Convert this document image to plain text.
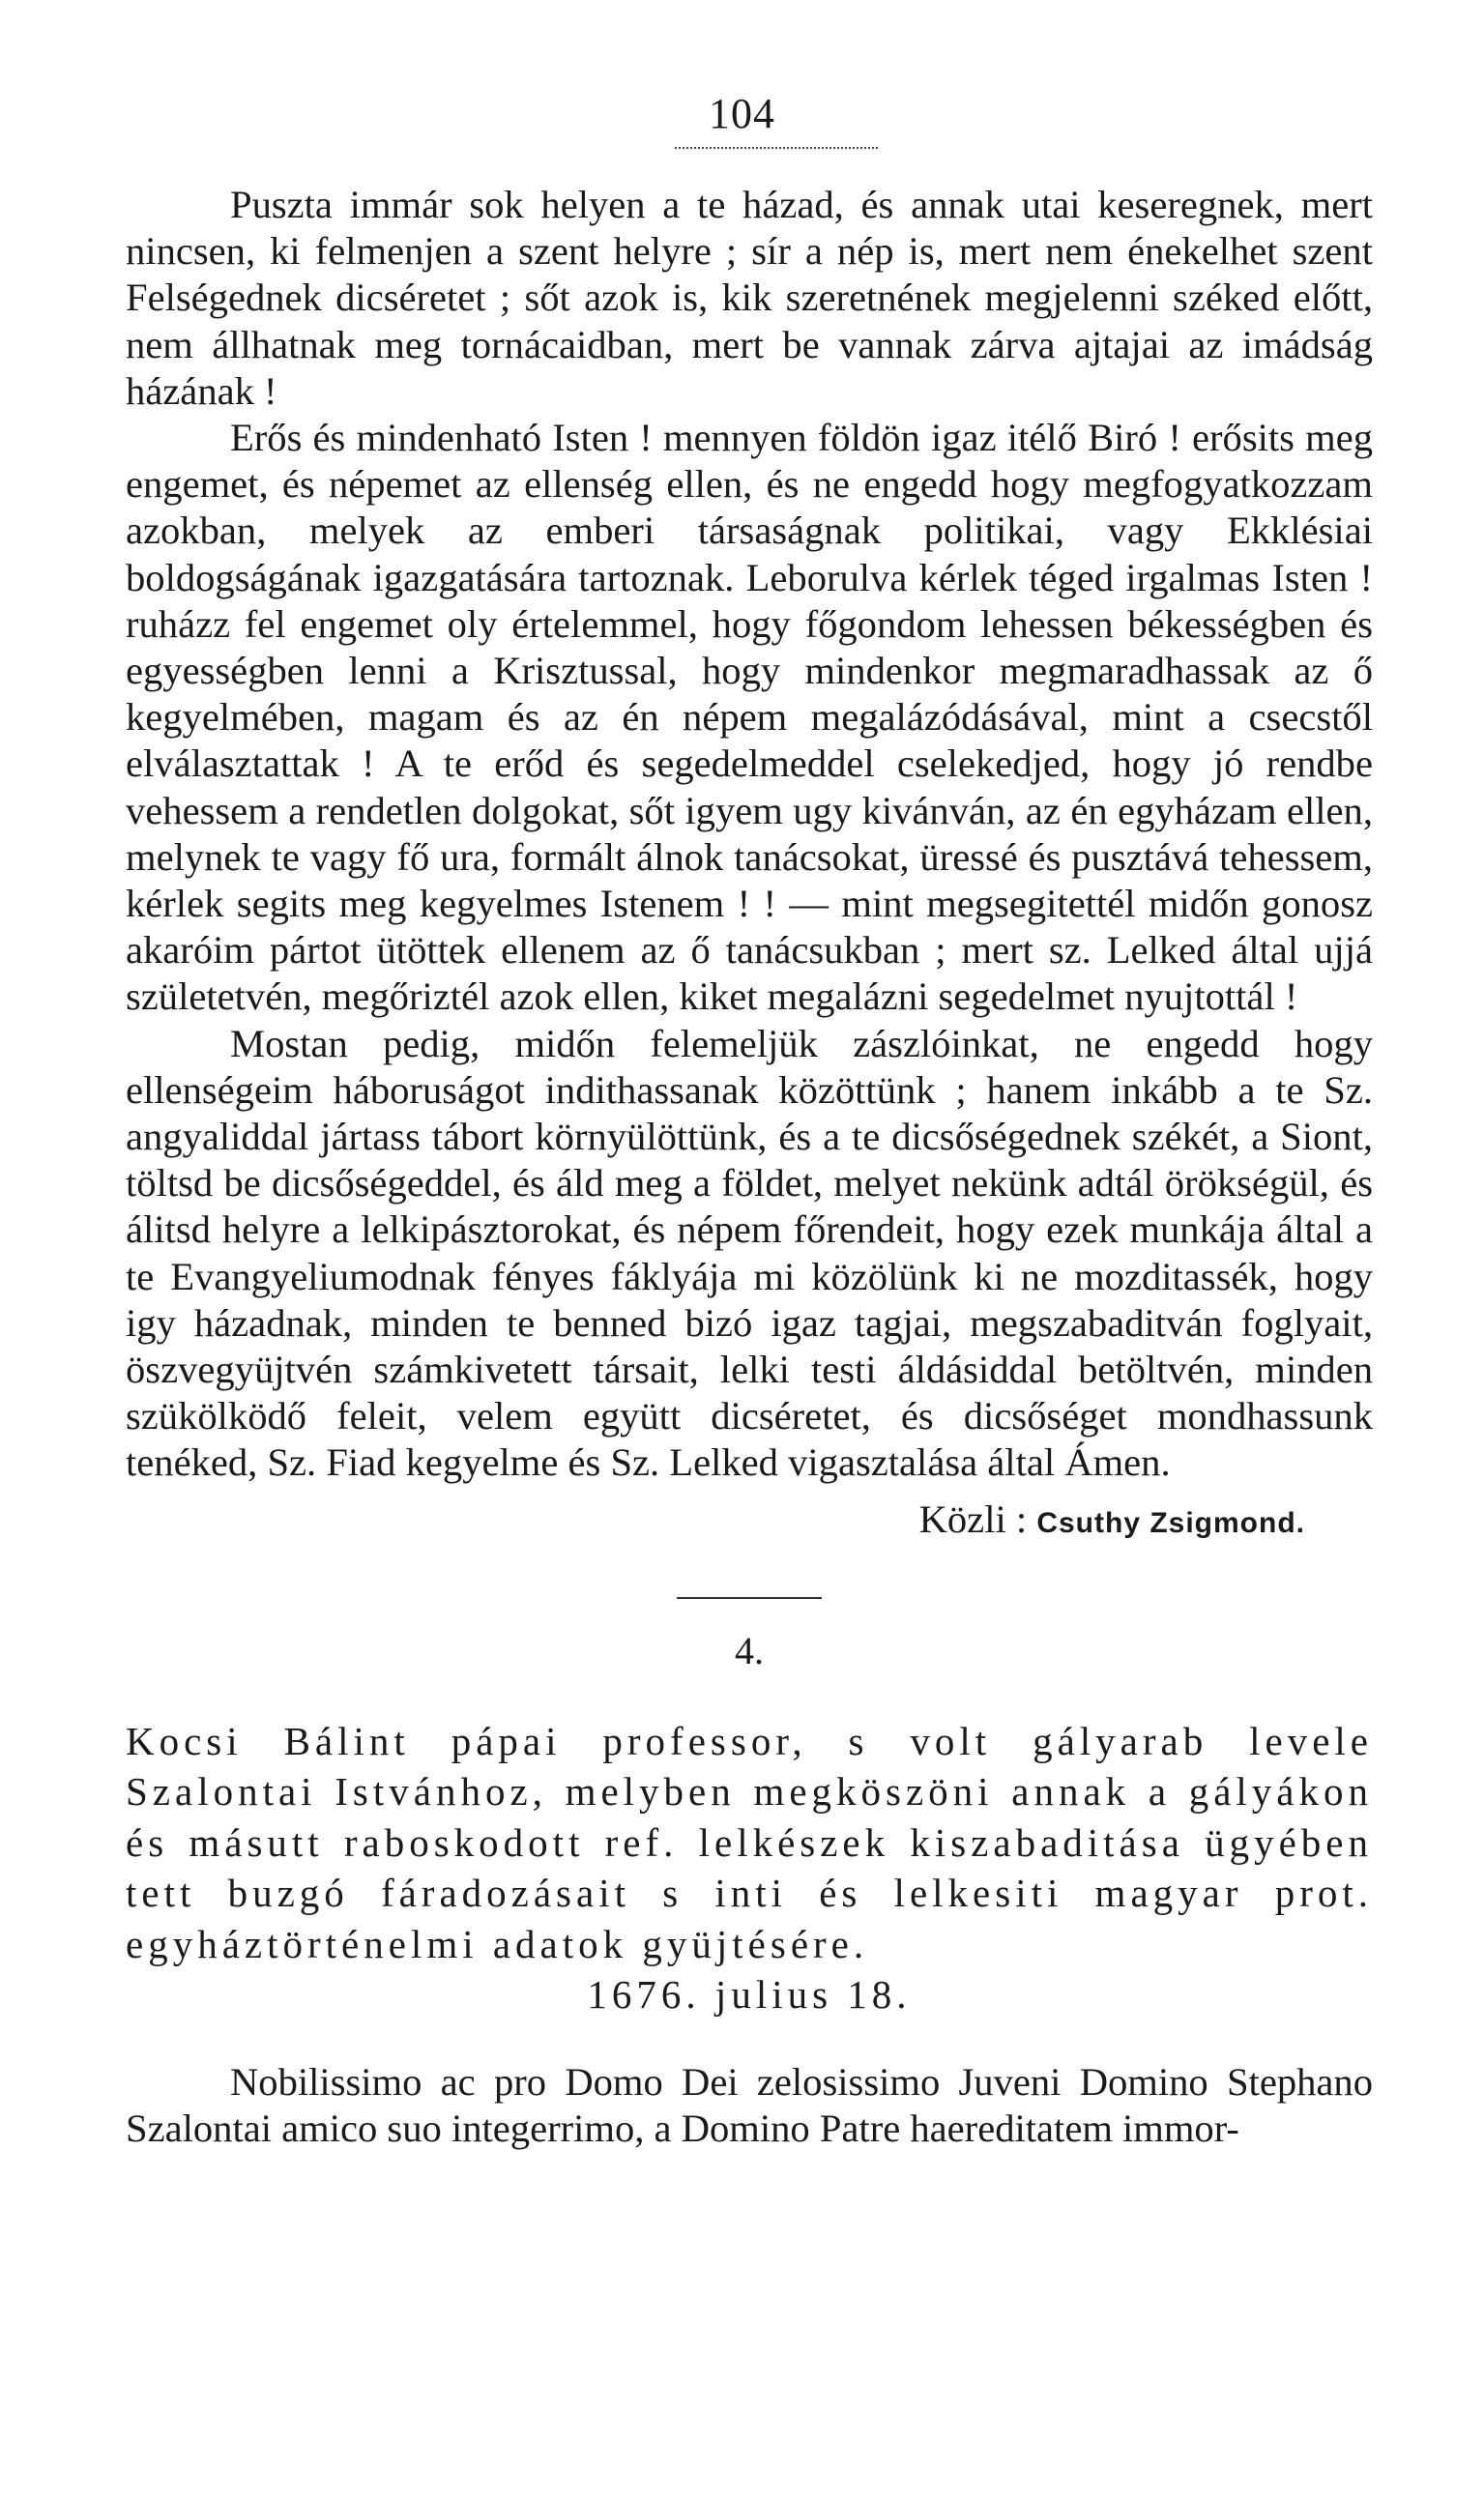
104

Puszta immár sok helyen a te házad, és annak utai keseregnek, mert nincsen, ki felmenjen a szent helyre ; sír a nép is, mert nem énekelhet szent Felségednek dicséretet ; sőt azok is, kik szeretnének megjelenni széked előtt, nem állhatnak meg tornácaidban, mert be vannak zárva ajtajai az imádság házának !

Erős és mindenható Isten ! mennyen földön igaz itélő Biró ! erősits meg engemet, és népemet az ellenség ellen, és ne engedd hogy megfogyatkozzam azokban, melyek az emberi társaságnak politikai, vagy Ekklésiai boldogságának igazgatására tartoznak. Leborulva kérlek téged irgalmas Isten ! ruházz fel engemet oly értelemmel, hogy főgondom lehessen békességben és egyességben lenni a Krisztussal, hogy mindenkor megmaradhassak az ő kegyelmében, magam és az én népem megalázódásával, mint a csecstől elválasztattak ! A te erőd és segedelmeddel cselekedjed, hogy jó rendbe vehessem a rendetlen dolgokat, sőt igyem ugy kivánván, az én egyházam ellen, melynek te vagy fő ura, formált álnok tanácsokat, üressé és pusztává tehessem, kérlek segits meg kegyelmes Istenem ! ! — mint megsegitettél midőn gonosz akaróim pártot ütöttek ellenem az ő tanácsukban ; mert sz. Lelked által ujjá születetvén, megőriztél azok ellen, kiket megalázni segedelmet nyujtottál !

Mostan pedig, midőn felemeljük zászlóinkat, ne engedd hogy ellenségeim háboruságot indithassanak közöttünk ; hanem inkább a te Sz. angyaliddal jártass tábort környülöttünk, és a te dicsőségednek székét, a Siont, töltsd be dicsőségeddel, és áld meg a földet, melyet nekünk adtál örökségül, és álitsd helyre a lelkipásztorokat, és népem főrendeit, hogy ezek munkája által a te Evangyeliumodnak fényes fáklyája mi közölünk ki ne mozditassék, hogy igy házadnak, minden te benned bizó igaz tagjai, megszabaditván foglyait, öszvegyüjtvén számkivetett társait, lelki testi áldásiddal betöltvén, minden szükölködő feleit, velem együtt dicséretet, és dicsőséget mondhassunk tenéked, Sz. Fiad kegyelme és Sz. Lelked vigasztalása által Ámen.

Közli : Csuthy Zsigmond.
4.

Kocsi Bálint pápai professor, s volt gályarab levele Szalontai Istvánhoz, melyben megköszöni annak a gályákon és másutt raboskodott ref. lelkészek kiszabaditása ügyében tett buzgó fáradozásait s inti és lelkesiti magyar prot. egyháztörténelmi adatok gyüjtésére.

1676. julius 18.

Nobilissimo ac pro Domo Dei zelosissimo Juveni Domino Stephano Szalontai amico suo integerrimo, a Domino Patre haereditatem immor-
